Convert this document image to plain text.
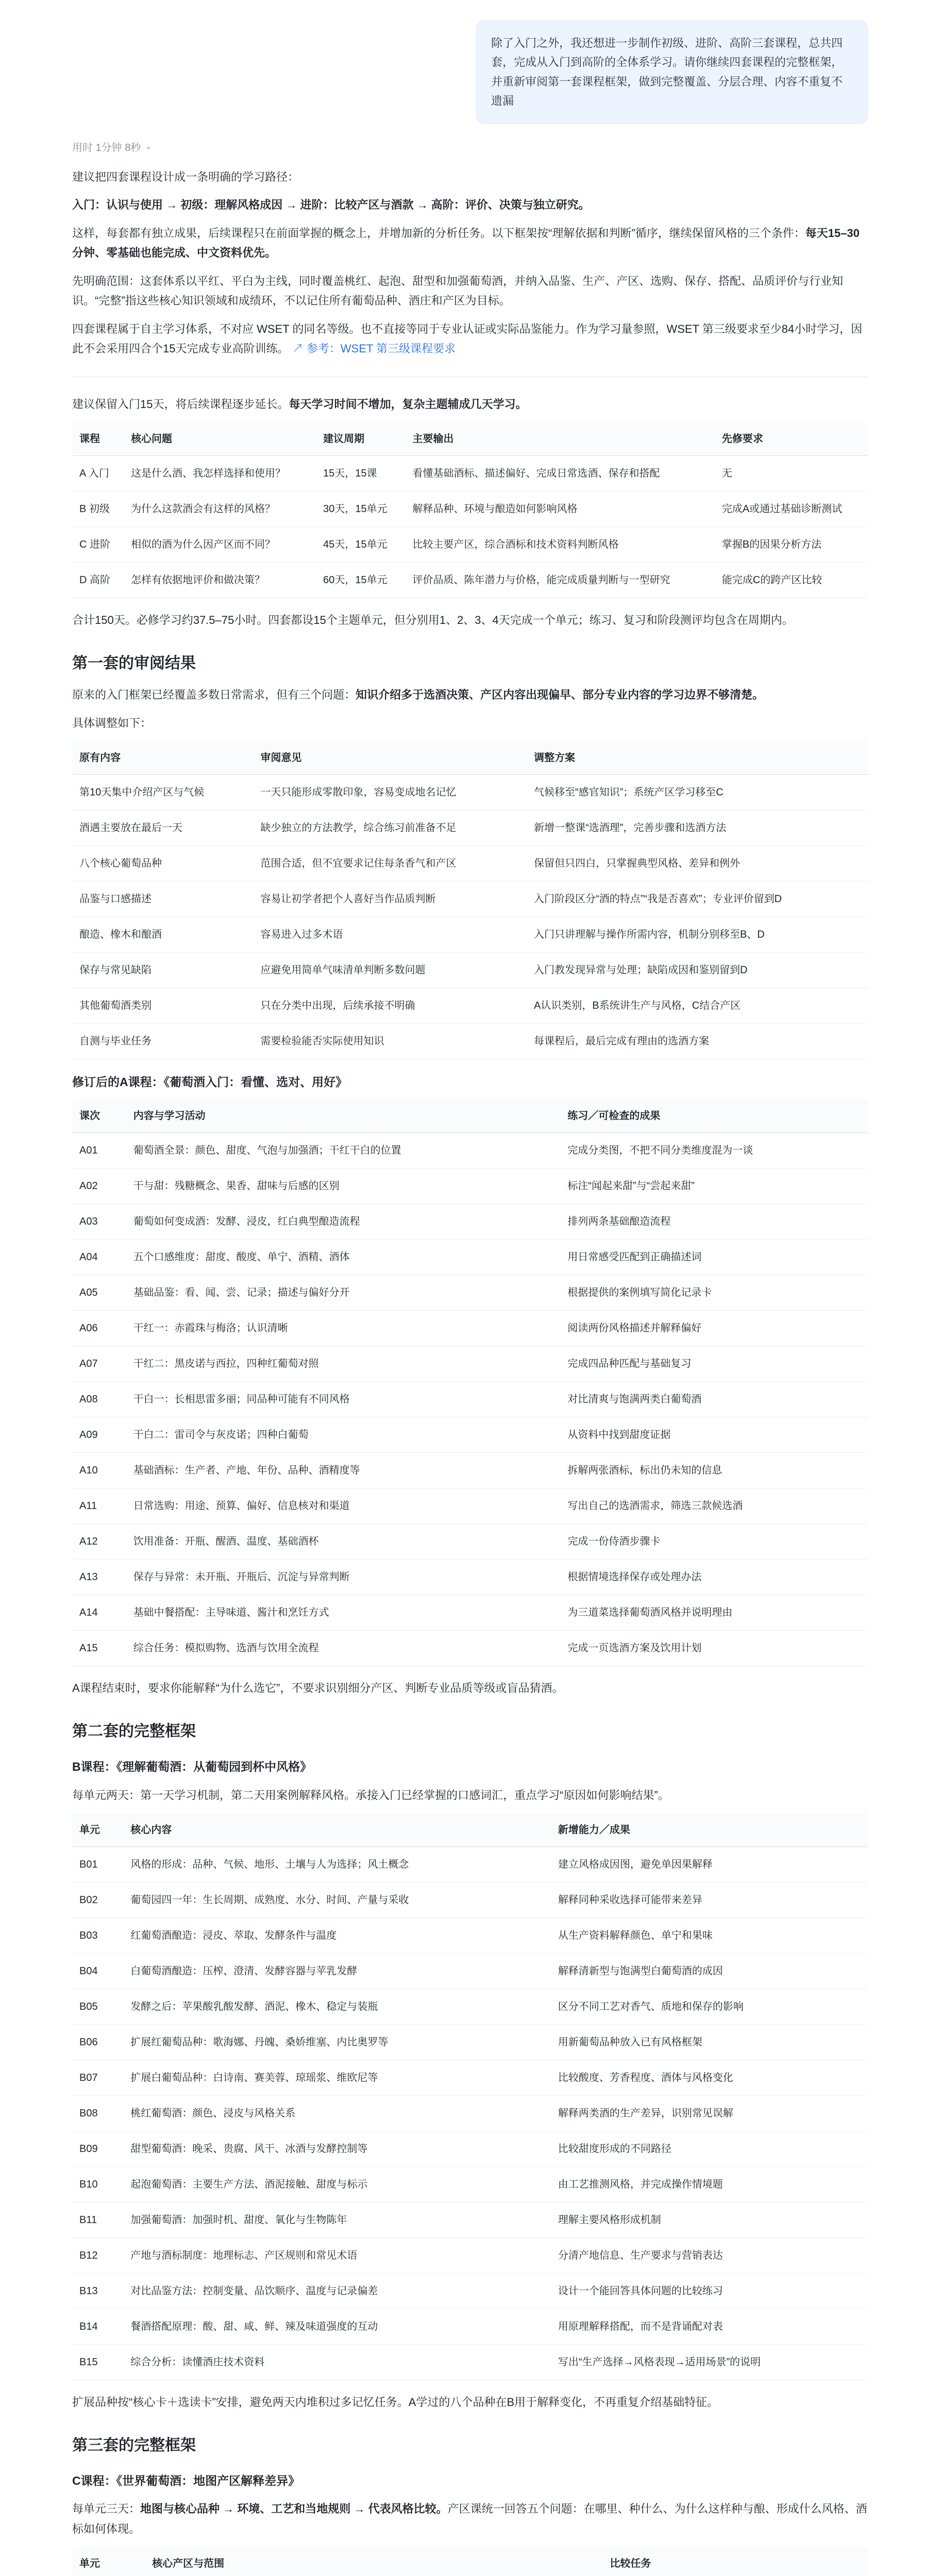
除了入门之外，我还想进一步制作初级、进阶、高阶三套课程，总共四套，完成从入门到高阶的全体系学习。请你继续四套课程的完整框架，并重新审阅第一套课程框架，做到完整覆盖、分层合理、内容不重复不遗漏
用时 1分钟 8秒 ⌄

建议把四套课程设计成一条明确的学习路径：

入门：认识与使用 → 初级：理解风格成因 → 进阶：比较产区与酒款 → 高阶：评价、决策与独立研究。

这样，每套都有独立成果，后续课程只在前面掌握的概念上，并增加新的分析任务。以下框架按“理解依据和判断”循序，继续保留风格的三个条件：每天15–30分钟、零基础也能完成、中文资料优先。

先明确范围：这套体系以平红、平白为主线，同时覆盖桃红、起泡、甜型和加强葡萄酒，并纳入品鉴、生产、产区、选购、保存、搭配、品质评价与行业知识。“完整”指这些核心知识领域和成绩环，不以记住所有葡萄品种、酒庄和产区为目标。

四套课程属于自主学习体系，不对应 WSET 的同名等级。也不直接等同于专业认证或实际品鉴能力。作为学习量参照，WSET 第三级要求至少84小时学习，因此不会采用四合个15天完成专业高阶训练。 ↗ 参考：WSET 第三级课程要求

建议保留入门15天，将后续课程逐步延长。每天学习时间不增加，复杂主题辅成几天学习。

课程	核心问题	建议周期	主要输出	先修要求
A 入门	这是什么酒、我怎样选择和使用？	15天，15课	看懂基础酒标、描述偏好、完成日常选酒、保存和搭配	无
B 初级	为什么这款酒会有这样的风格？	30天，15单元	解释品种、环境与酿造如何影响风格	完成A或通过基础诊断测试
C 进阶	相似的酒为什么因产区而不同？	45天，15单元	比较主要产区，综合酒标和技术资料判断风格	掌握B的因果分析方法
D 高阶	怎样有依据地评价和做决策？	60天，15单元	评价品质、陈年潜力与价格，能完成质量判断与一型研究	能完成C的跨产区比较

合计150天。必修学习约37.5–75小时。四套都设15个主题单元，但分别用1、2、3、4天完成一个单元；练习、复习和阶段测评均包含在周期内。

第一套的审阅结果

原来的入门框架已经覆盖多数日常需求，但有三个问题：知识介绍多于选酒决策、产区内容出现偏早、部分专业内容的学习边界不够清楚。

具体调整如下：

原有内容	审阅意见	调整方案
第10天集中介绍产区与气候	一天只能形成零散印象，容易变成地名记忆	气候移至“感官知识”；系统产区学习移至C
酒遇主要放在最后一天	缺少独立的方法教学，综合练习前准备不足	新增一整课“选酒理”，完善步骤和选酒方法
八个核心葡萄品种	范围合适，但不宜要求记住每条香气和产区	保留但只四白，只掌握典型风格、差异和例外
品鉴与口感描述	容易让初学者把个人喜好当作品质判断	入门阶段区分“酒的特点”“我是否喜欢”；专业评价留到D
酿造、橡木和酿酒	容易进入过多术语	入门只讲理解与操作所需内容，机制分别移至B、D
保存与常见缺陷	应避免用简单气味清单判断多数问题	入门教发现异常与处理；缺陷成因和鉴别留到D
其他葡萄酒类别	只在分类中出现，后续承接不明确	A认识类别，B系统讲生产与风格，C结合产区
自测与毕业任务	需要检验能否实际使用知识	每课程后，最后完成有理由的选酒方案
修订后的A课程：《葡萄酒入门：看懂、选对、用好》
课次	内容与学习活动	练习／可检查的成果
A01	葡萄酒全景：颜色、甜度、气泡与加强酒；干红干白的位置	完成分类图，不把不同分类维度混为一谈
A02	干与甜：残糖概念、果香、甜味与后感的区别	标注“闻起来甜”与“尝起来甜”
A03	葡萄如何变成酒：发酵、浸皮，红白典型酿造流程	排列两条基础酿造流程
A04	五个口感维度：甜度、酸度、单宁、酒精、酒体	用日常感受匹配到正确描述词
A05	基础品鉴：看、闻、尝、记录；描述与偏好分开	根据提供的案例填写简化记录卡
A06	干红一：赤霞珠与梅洛；认识清晰	阅读两份风格描述并解释偏好
A07	干红二：黑皮诺与西拉，四种红葡萄对照	完成四品种匹配与基础复习
A08	干白一：长相思雷多丽；同品种可能有不同风格	对比清爽与饱满两类白葡萄酒
A09	干白二：雷司令与灰皮诺；四种白葡萄	从资料中找到甜度证据
A10	基础酒标：生产者、产地、年份、品种、酒精度等	拆解两张酒标，标出仍未知的信息
A11	日常选购：用途、预算、偏好、信息核对和渠道	写出自己的选酒需求，筛选三款候选酒
A12	饮用准备：开瓶、醒酒、温度、基础酒杯	完成一份侍酒步骤卡
A13	保存与异常：未开瓶、开瓶后、沉淀与异常判断	根据情境选择保存或处理办法
A14	基础中餐搭配：主导味道、酱汁和烹饪方式	为三道菜选择葡萄酒风格并说明理由
A15	综合任务：模拟购物、选酒与饮用全流程	完成一页选酒方案及饮用计划

A课程结束时，要求你能解释“为什么选它”，不要求识别细分产区、判断专业品质等级或盲品猜酒。

第二套的完整框架
B课程：《理解葡萄酒：从葡萄园到杯中风格》

每单元两天：第一天学习机制，第二天用案例解释风格。承接入门已经掌握的口感词汇，重点学习“原因如何影响结果”。

单元	核心内容	新增能力／成果
B01	风格的形成：品种、气候、地形、土壤与人为选择；风土概念	建立风格成因图，避免单因果解释
B02	葡萄园四一年：生长周期、成熟度、水分、时间、产量与采收	解释同种采收选择可能带来差异
B03	红葡萄酒酿造：浸皮、萃取、发酵条件与温度	从生产资料解释颜色、单宁和果味
B04	白葡萄酒酿造：压榨、澄清、发酵容器与苹乳发酵	解释清新型与饱满型白葡萄酒的成因
B05	发酵之后：苹果酸乳酸发酵、酒泥、橡木、稳定与装瓶	区分不同工艺对香气、质地和保存的影响
B06	扩展红葡萄品种：歌海娜、丹魄、桑娇维塞、内比奥罗等	用新葡萄品种放入已有风格框架
B07	扩展白葡萄品种：白诗南、赛美蓉、琼瑶浆、维欧尼等	比较酸度、芳香程度、酒体与风格变化
B08	桃红葡萄酒：颜色、浸皮与风格关系	解释两类酒的生产差异，识别常见误解
B09	甜型葡萄酒：晚采、贵腐、风干、冰酒与发酵控制等	比较甜度形成的不同路径
B10	起泡葡萄酒：主要生产方法、酒泥接触、甜度与标示	由工艺推测风格，并完成操作情境题
B11	加强葡萄酒：加强时机、甜度、氧化与生物陈年	理解主要风格形成机制
B12	产地与酒标制度：地理标志、产区规则和常见术语	分清产地信息、生产要求与营销表达
B13	对比品鉴方法：控制变量、品饮顺序、温度与记录偏差	设计一个能回答具体问题的比较练习
B14	餐酒搭配原理：酸、甜、咸、鲜、辣及味道强度的互动	用原理解释搭配，而不是背诵配对表
B15	综合分析：读懂酒庄技术资料	写出“生产选择→风格表现→适用场景”的说明

扩展品种按“核心卡＋选读卡”安排，避免两天内堆积过多记忆任务。A学过的八个品种在B用于解释变化，不再重复介绍基础特征。

第三套的完整框架
C课程：《世界葡萄酒：地图产区解释差异》

每单元三天：地图与核心品种 → 环境、工艺和当地规则 → 代表风格比较。产区课统一回答五个问题：在哪里、种什么、为什么这样种与酿、形成什么风格、酒标如何体现。

单元	核心产区与范围	比较任务
